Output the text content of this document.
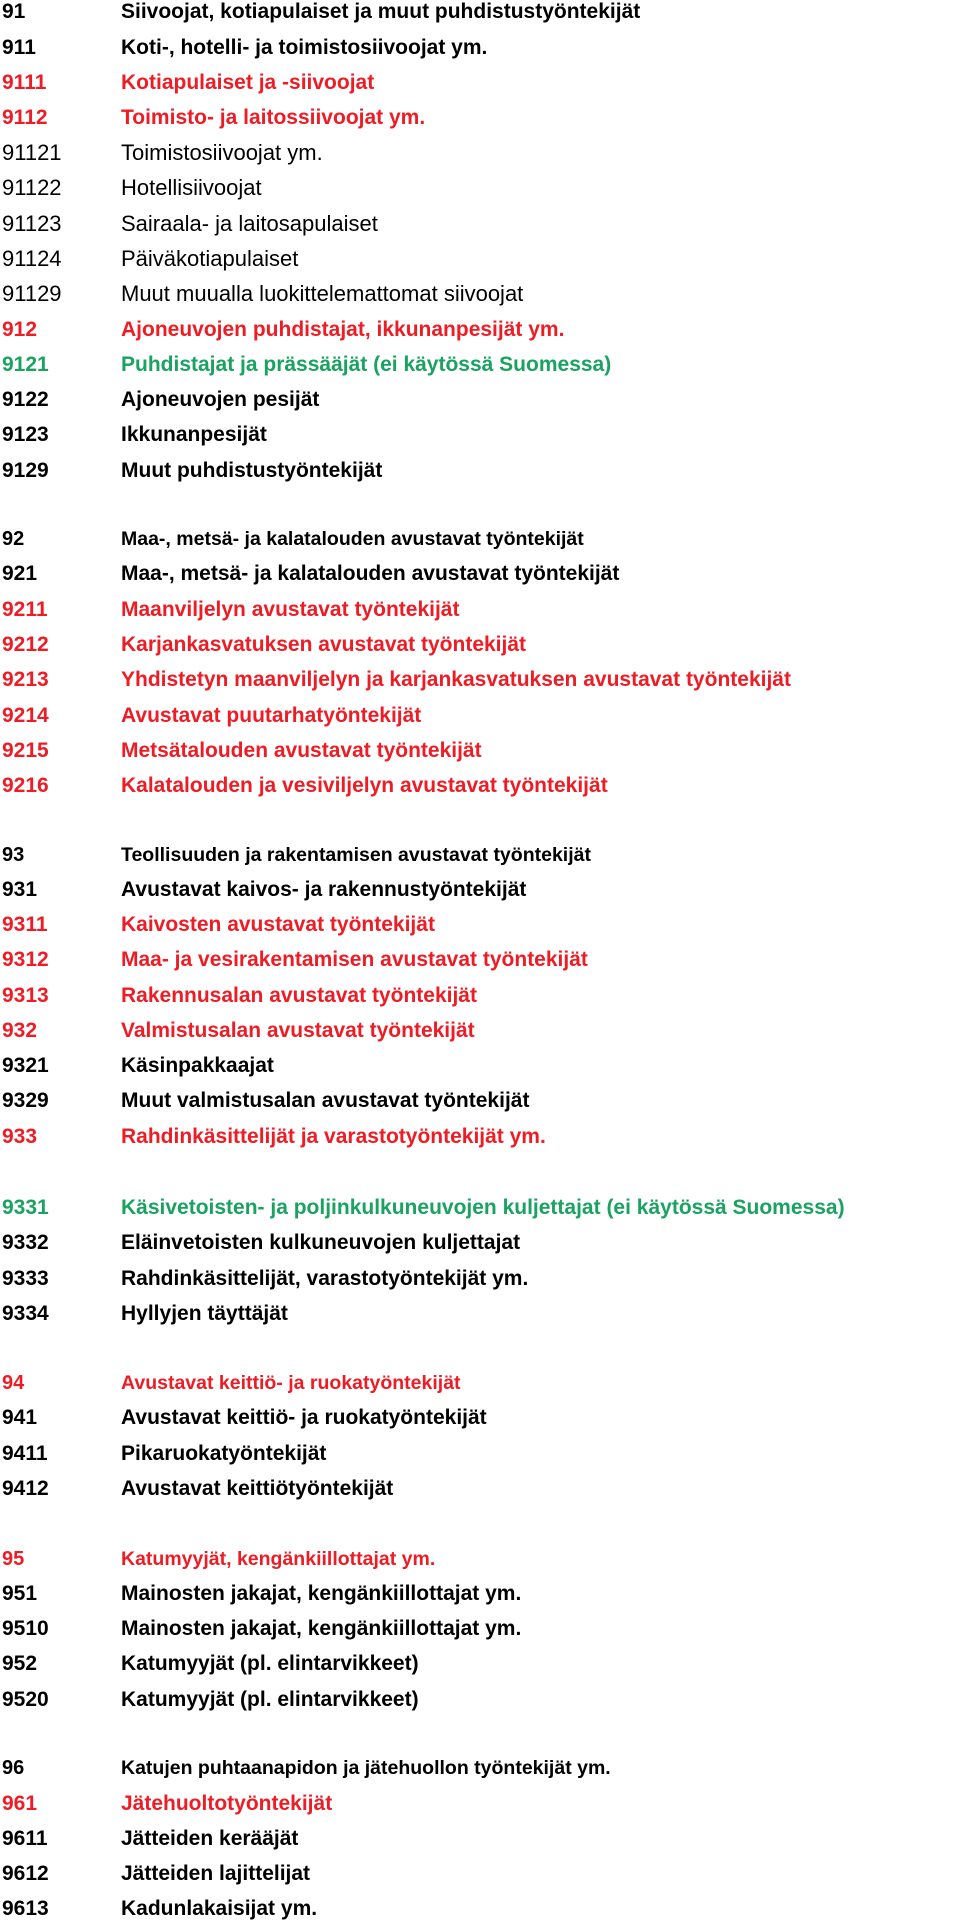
91	Siivoojat, kotiapulaiset ja muut puhdistustyöntekijät
911	Koti-, hotelli- ja toimistosiivoojat ym.
9111	Kotiapulaiset ja -siivoojat
9112	Toimisto- ja laitossiivoojat ym.
91121	Toimistosiivoojat ym.
91122	Hotellisiivoojat
91123	Sairaala- ja laitosapulaiset
91124	Päiväkotiapulaiset
91129	Muut muualla luokittelemattomat siivoojat
912	Ajoneuvojen puhdistajat, ikkunanpesijät ym.
9121	Puhdistajat ja prässääjät (ei käytössä Suomessa)
9122	Ajoneuvojen pesijät
9123	Ikkunanpesijät
9129	Muut puhdistustyöntekijät
92	Maa-, metsä- ja kalatalouden avustavat työntekijät
921	Maa-, metsä- ja kalatalouden avustavat työntekijät
9211	Maanviljelyn avustavat työntekijät
9212	Karjankasvatuksen avustavat työntekijät
9213	Yhdistetyn maanviljelyn ja karjankasvatuksen avustavat työntekijät
9214	Avustavat puutarhatyöntekijät
9215	Metsätalouden avustavat työntekijät
9216	Kalatalouden ja vesiviljelyn avustavat työntekijät
93	Teollisuuden ja rakentamisen avustavat työntekijät
931	Avustavat kaivos- ja rakennustyöntekijät
9311	Kaivosten avustavat työntekijät
9312	Maa- ja vesirakentamisen avustavat työntekijät
9313	Rakennusalan avustavat työntekijät
932	Valmistusalan avustavat työntekijät
9321	Käsinpakkaajat
9329	Muut valmistusalan avustavat työntekijät
933	Rahdinkäsittelijät ja varastotyöntekijät ym.
9331	Käsivetoisten- ja poljinkulkuneuvojen kuljettajat (ei käytössä Suomessa)
9332	Eläinvetoisten kulkuneuvojen kuljettajat
9333	Rahdinkäsittelijät, varastotyöntekijät ym.
9334	Hyllyjen täyttäjät
94	Avustavat keittiö- ja ruokatyöntekijät
941	Avustavat keittiö- ja ruokatyöntekijät
9411	Pikaruokatyöntekijät
9412	Avustavat keittiötyöntekijät
95	Katumyyjät, kengänkiillottajat ym.
951	Mainosten jakajat, kengänkiillottajat ym.
9510	Mainosten jakajat, kengänkiillottajat ym.
952	Katumyyjät (pl. elintarvikkeet)
9520	Katumyyjät (pl. elintarvikkeet)
96	Katujen puhtaanapidon ja jätehuollon työntekijät ym.
961	Jätehuoltotyöntekijät
9611	Jätteiden kerääjät
9612	Jätteiden lajittelijat
9613	Kadunlakaisijat ym.
